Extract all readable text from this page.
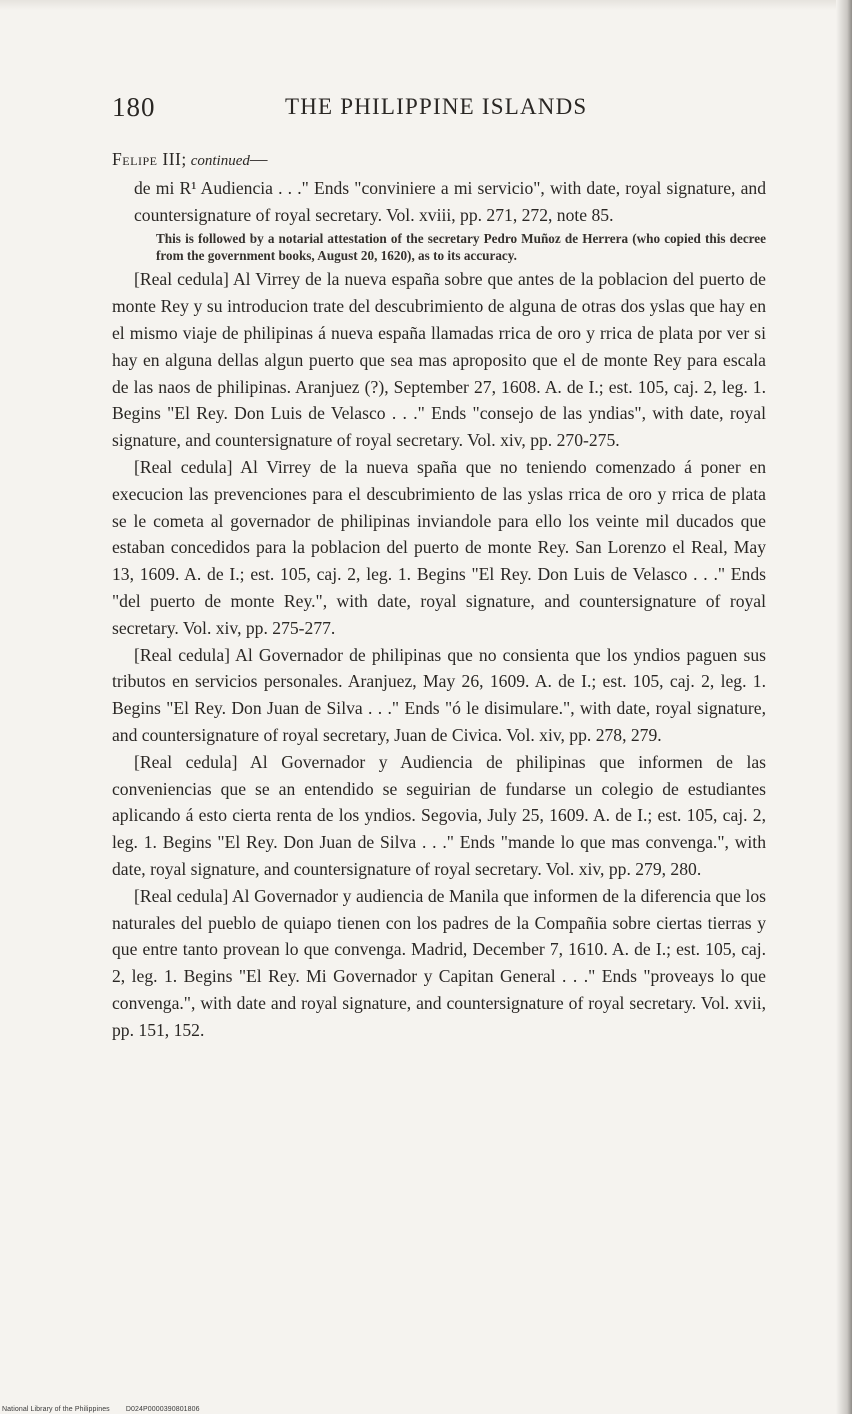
180	THE PHILIPPINE ISLANDS

Felipe III; continued—

de mi R¹ Audiencia . . ." Ends "conviniere a mi servicio", with date, royal signature, and countersignature of royal secretary. Vol. xviii, pp. 271, 272, note 85.

This is followed by a notarial attestation of the secretary Pedro Muñoz de Herrera (who copied this decree from the government books, August 20, 1620), as to its accuracy.

[Real cedula] Al Virrey de la nueva españa sobre que antes de la poblacion del puerto de monte Rey y su introducion trate del descubrimiento de alguna de otras dos yslas que hay en el mismo viaje de philipinas á nueva españa llamadas rrica de oro y rrica de plata por ver si hay en alguna dellas algun puerto que sea mas aproposito que el de monte Rey para escala de las naos de philipinas. Aranjuez (?), September 27, 1608. A. de I.; est. 105, caj. 2, leg. 1. Begins "El Rey. Don Luis de Velasco . . ." Ends "consejo de las yndias", with date, royal signature, and countersignature of royal secretary. Vol. xiv, pp. 270-275.

[Real cedula] Al Virrey de la nueva spaña que no teniendo comenzado á poner en execucion las prevenciones para el descubrimiento de las yslas rrica de oro y rrica de plata se le cometa al governador de philipinas inviandole para ello los veinte mil ducados que estaban concedidos para la poblacion del puerto de monte Rey. San Lorenzo el Real, May 13, 1609. A. de I.; est. 105, caj. 2, leg. 1. Begins "El Rey. Don Luis de Velasco . . ." Ends "del puerto de monte Rey.", with date, royal signature, and countersignature of royal secretary. Vol. xiv, pp. 275-277.

[Real cedula] Al Governador de philipinas que no consienta que los yndios paguen sus tributos en servicios personales. Aranjuez, May 26, 1609. A. de I.; est. 105, caj. 2, leg. 1. Begins "El Rey. Don Juan de Silva . . ." Ends "ó le disimulare.", with date, royal signature, and countersignature of royal secretary, Juan de Civica. Vol. xiv, pp. 278, 279.

[Real cedula] Al Governador y Audiencia de philipinas que informen de las conveniencias que se an entendido se seguirian de fundarse un colegio de estudiantes aplicando á esto cierta renta de los yndios. Segovia, July 25, 1609. A. de I.; est. 105, caj. 2, leg. 1. Begins "El Rey. Don Juan de Silva . . ." Ends "mande lo que mas convenga.", with date, royal signature, and countersignature of royal secretary. Vol. xiv, pp. 279, 280.

[Real cedula] Al Governador y audiencia de Manila que informen de la diferencia que los naturales del pueblo de quiapo tienen con los padres de la Compañia sobre ciertas tierras y que entre tanto provean lo que convenga. Madrid, December 7, 1610. A. de I.; est. 105, caj. 2, leg. 1. Begins "El Rey. Mi Governador y Capitan General . . ." Ends "proveays lo que convenga.", with date and royal signature, and countersignature of royal secretary. Vol. xvii, pp. 151, 152.

National Library of the Philippines D024P0000390801806
